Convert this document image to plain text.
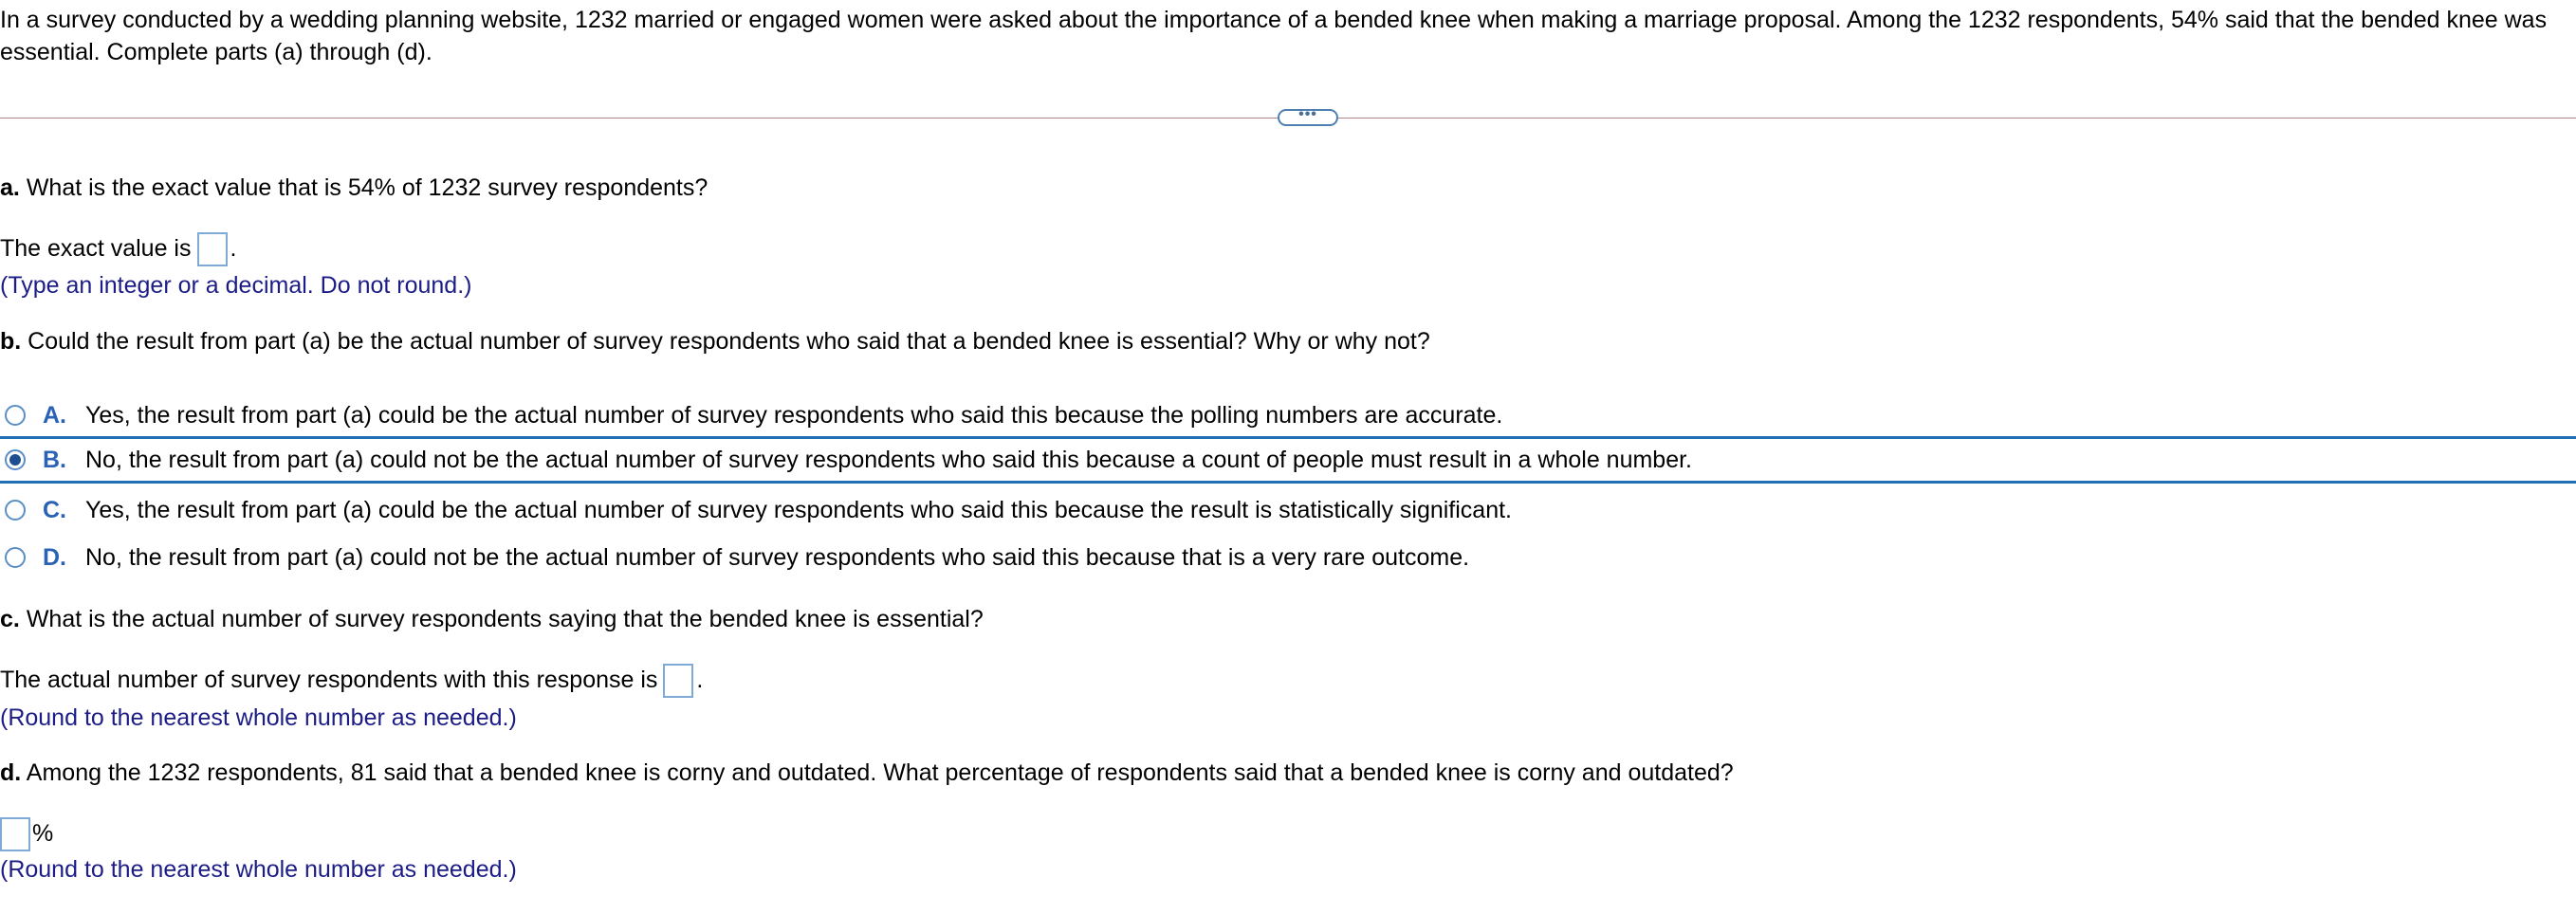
In a survey conducted by a wedding planning website, 1232 married or engaged women were asked about the importance of a bended knee when making a marriage proposal. Among the 1232 respondents, 54% said that the bended knee was essential. Complete parts (a) through (d).
•••
a. What is the exact value that is 54% of 1232 survey respondents?
The exact value is .
(Type an integer or a decimal. Do not round.)
b. Could the result from part (a) be the actual number of survey respondents who said that a bended knee is essential? Why or why not?
A. Yes, the result from part (a) could be the actual number of survey respondents who said this because the polling numbers are accurate.
B. No, the result from part (a) could not be the actual number of survey respondents who said this because a count of people must result in a whole number.
C. Yes, the result from part (a) could be the actual number of survey respondents who said this because the result is statistically significant.
D. No, the result from part (a) could not be the actual number of survey respondents who said this because that is a very rare outcome.
c. What is the actual number of survey respondents saying that the bended knee is essential?
The actual number of survey respondents with this response is .
(Round to the nearest whole number as needed.)
d. Among the 1232 respondents, 81 said that a bended knee is corny and outdated. What percentage of respondents said that a bended knee is corny and outdated?
%
(Round to the nearest whole number as needed.)
